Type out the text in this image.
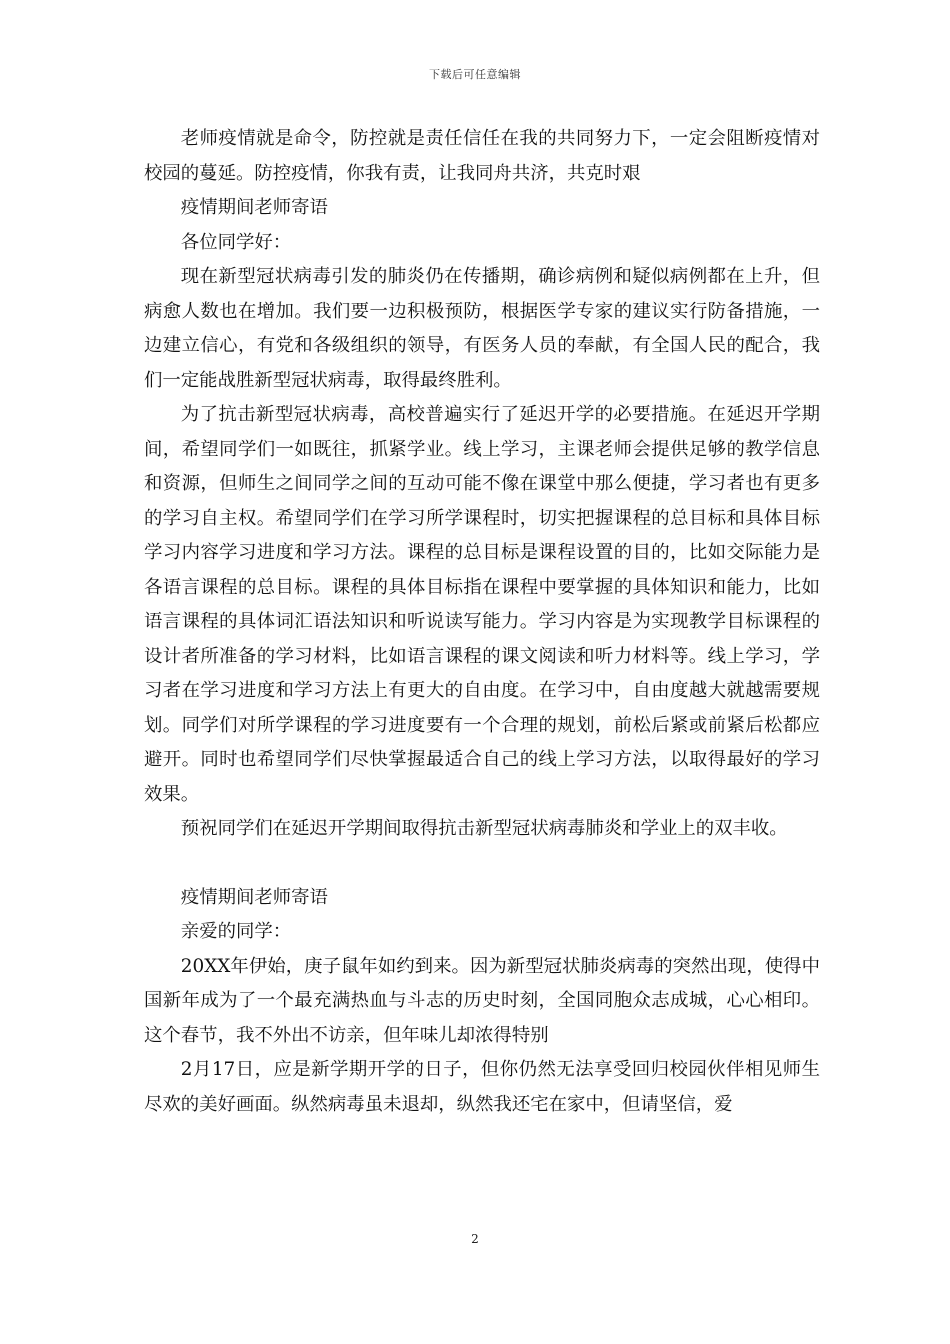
下载后可任意编辑

老师疫情就是命令，防控就是责任信任在我的共同努力下，一定会阻断疫情对校园的蔓延。防控疫情，你我有责，让我同舟共济，共克时艰

疫情期间老师寄语

各位同学好：

现在新型冠状病毒引发的肺炎仍在传播期，确诊病例和疑似病例都在上升，但病愈人数也在增加。我们要一边积极预防，根据医学专家的建议实行防备措施，一边建立信心，有党和各级组织的领导，有医务人员的奉献，有全国人民的配合，我们一定能战胜新型冠状病毒，取得最终胜利。

为了抗击新型冠状病毒，高校普遍实行了延迟开学的必要措施。在延迟开学期间，希望同学们一如既往，抓紧学业。线上学习，主课老师会提供足够的教学信息和资源，但师生之间同学之间的互动可能不像在课堂中那么便捷，学习者也有更多的学习自主权。希望同学们在学习所学课程时，切实把握课程的总目标和具体目标学习内容学习进度和学习方法。课程的总目标是课程设置的目的，比如交际能力是各语言课程的总目标。课程的具体目标指在课程中要掌握的具体知识和能力，比如语言课程的具体词汇语法知识和听说读写能力。学习内容是为实现教学目标课程的设计者所准备的学习材料，比如语言课程的课文阅读和听力材料等。线上学习，学习者在学习进度和学习方法上有更大的自由度。在学习中，自由度越大就越需要规划。同学们对所学课程的学习进度要有一个合理的规划，前松后紧或前紧后松都应避开。同时也希望同学们尽快掌握最适合自己的线上学习方法，以取得最好的学习效果。

预祝同学们在延迟开学期间取得抗击新型冠状病毒肺炎和学业上的双丰收。

疫情期间老师寄语

亲爱的同学：

20XX年伊始，庚子鼠年如约到来。因为新型冠状肺炎病毒的突然出现，使得中国新年成为了一个最充满热血与斗志的历史时刻，全国同胞众志成城，心心相印。这个春节，我不外出不访亲，但年味儿却浓得特别

2月17日，应是新学期开学的日子，但你仍然无法享受回归校园伙伴相见师生尽欢的美好画面。纵然病毒虽未退却，纵然我还宅在家中，但请坚信，爱

2
